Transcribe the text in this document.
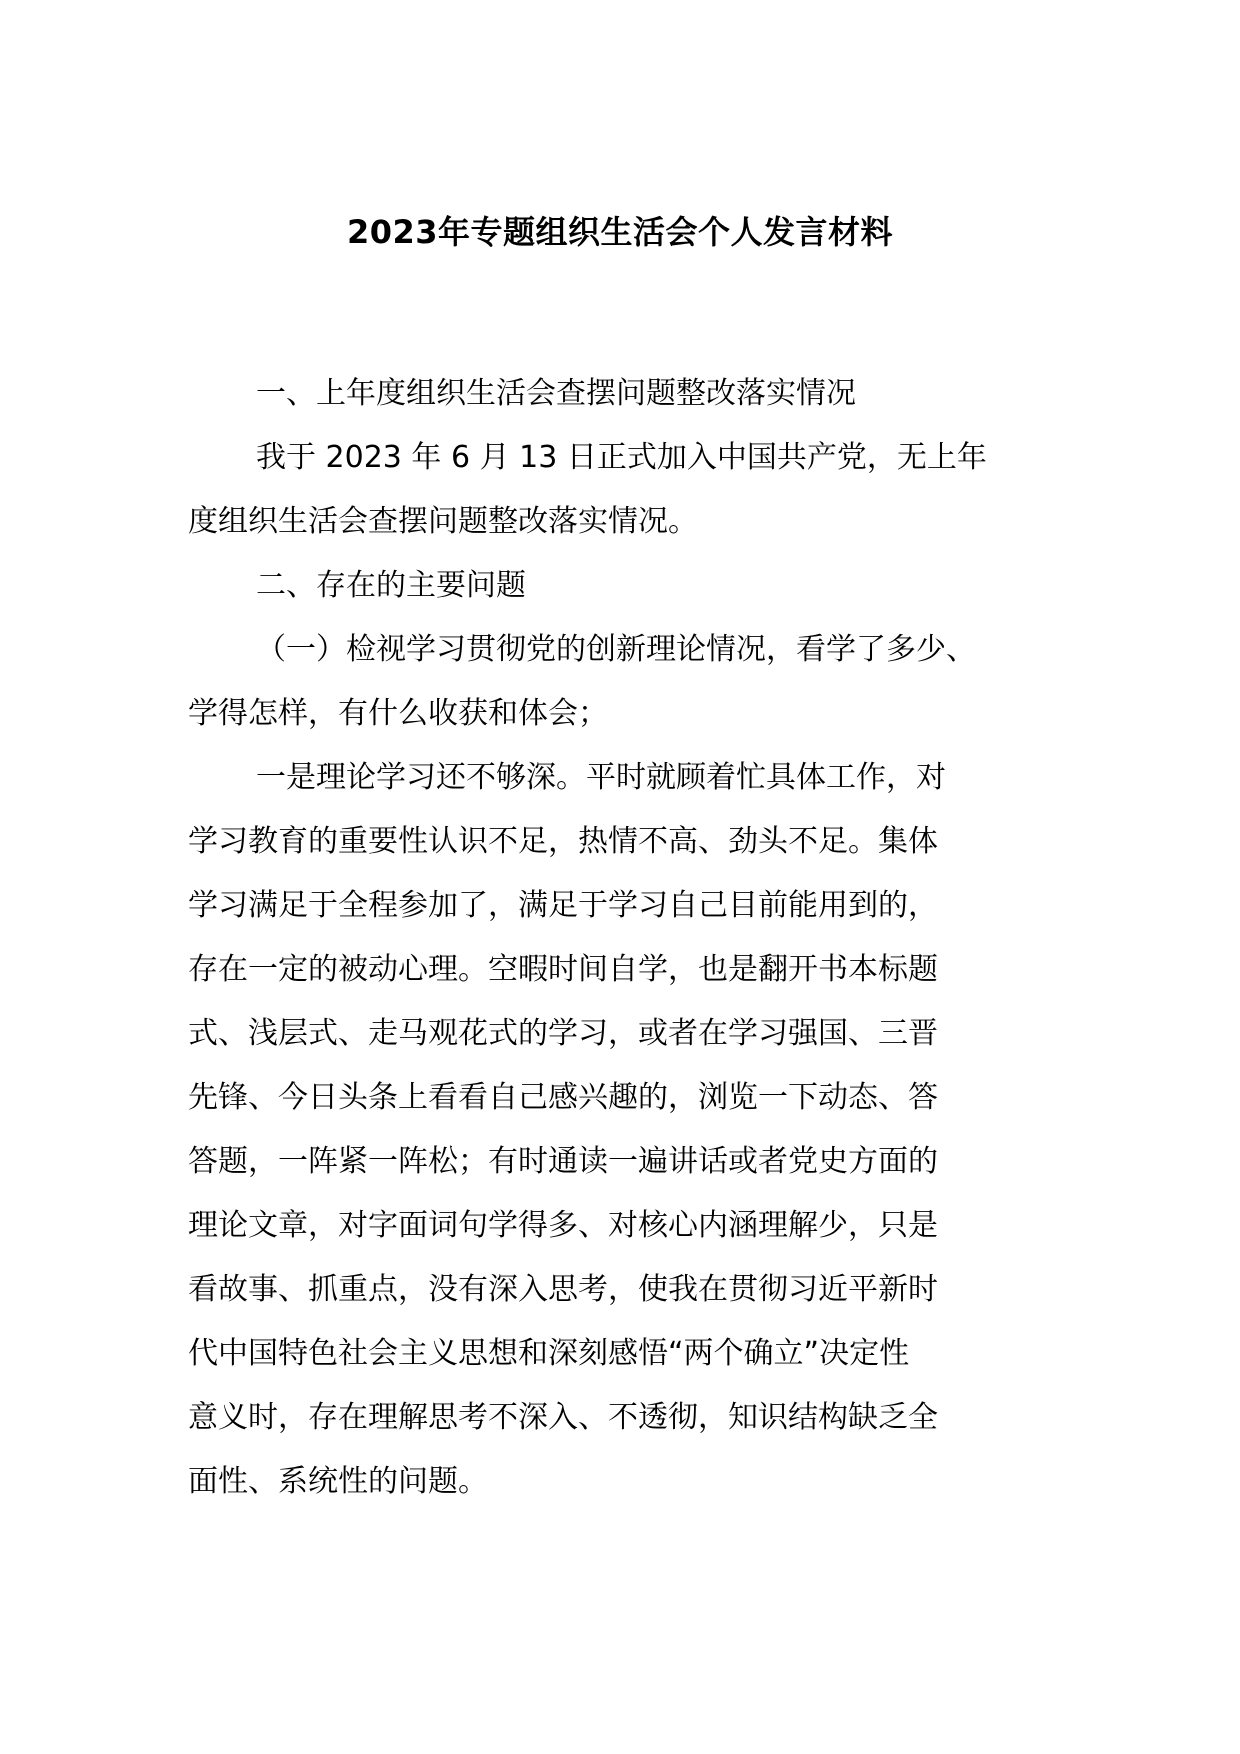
2023年专题组织生活会个人发言材料
一、上年度组织生活会查摆问题整改落实情况
我于 2023 年 6 月 13 日正式加入中国共产党，无上年
度组织生活会查摆问题整改落实情况。
二、存在的主要问题
（一）检视学习贯彻党的创新理论情况，看学了多少、
学得怎样，有什么收获和体会；
一是理论学习还不够深。平时就顾着忙具体工作，对
学习教育的重要性认识不足，热情不高、劲头不足。集体
学习满足于全程参加了，满足于学习自己目前能用到的，
存在一定的被动心理。空暇时间自学，也是翻开书本标题
式、浅层式、走马观花式的学习，或者在学习强国、三晋
先锋、今日头条上看看自己感兴趣的，浏览一下动态、答
答题，一阵紧一阵松；有时通读一遍讲话或者党史方面的
理论文章，对字面词句学得多、对核心内涵理解少，只是
看故事、抓重点，没有深入思考，使我在贯彻习近平新时
代中国特色社会主义思想和深刻感悟“两个确立”决定性
意义时，存在理解思考不深入、不透彻，知识结构缺乏全
面性、系统性的问题。
